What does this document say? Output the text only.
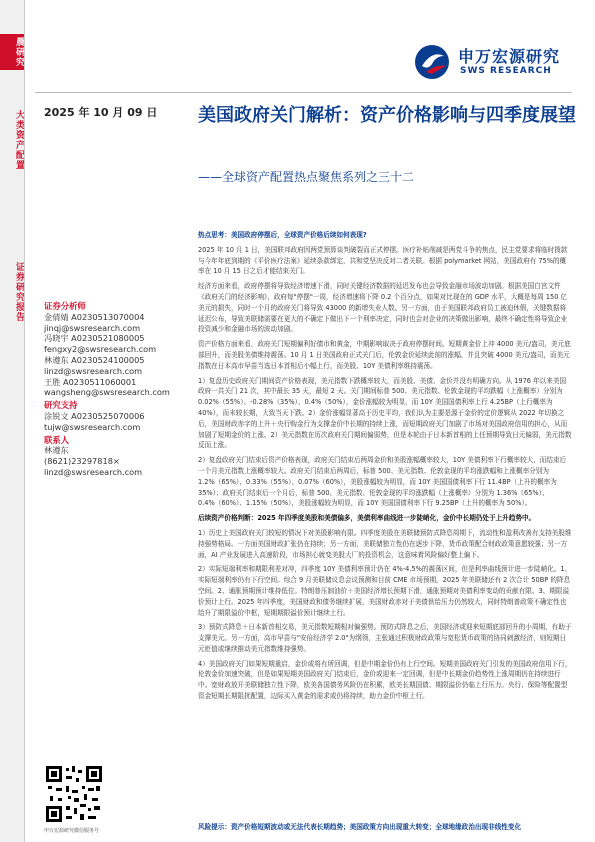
晨研究
大类资产配置
证券研究报告
申万宏源研究
SWS RESEARCH
2025 年 10 月 09 日 美国政府关门解析：资产价格影响与四季度展望
——全球资产配置热点聚焦系列之三十二
证券分析师
金倩婧 A0230513070004
jinqj@swsresearch.com
冯晓宇 A0230521080005
fengxy2@swsresearch.com
林遵东 A0230524100005
linzd@swsresearch.com
王胜 A0230511060001
wangsheng@swsresearch.com
研究支持
涂锐文 A0230525070006
tujw@swsresearch.com
联系人
林遵东
(8621)23297818×
linzd@swsresearch.com
申万宏源研究微信服务号

热点思考：美国政府停摆后，全球资产价格后续如何表现?

2025 年 10 月 1 日，美国联邦政府因两党预算谈判破裂而正式停摆。医疗补贴削减是两党斗争的焦点，民主党要求将临时拨款与今年年底到期的《平价医疗法案》延续条款绑定，共和党坚决反对二者关联。根据 polymarket 网站，美国政府有 75%的概率在 10 月 15 日之后才能结束关门。

经济方面来看，政府停摆将导致经济增速下滑，同时关键经济数据的延迟发布也会导致金融市场波动加剧。根据美国白宫文件《政府关门的经济影响》，政府每"停摆"一周，经济增速将下降 0.2 个百分点，如果对比现在的 GDP 水平，大概是每周 150 亿美元的损失，同时一个月的政府关门将导致 43000 的新增失业人数。另一方面，由于美国联邦政府员工被迫休假，关键数据将延迟公布，导致美联储需要在更大的不确定下做出下一个利率决定，同时也会对企业的决策做出影响，最终不确定性将导致企业投资减少和金融市场的波动加剧。

资产价格方面来看，政府关门短期偏利好债市和黄金，中期影响取决于政府停摆时间。短期黄金价上冲 4000 美元/盎司，美元底部回升，而美股美债维持震荡。10 月 1 日美国政府正式关门后，伦敦金价延续此前的涨幅，并且突破 4000 美元/盎司，而美元指数在日本高市早苗当选日本首相后小幅上行，而美股、10Y 美债利率维持震荡。

1）复盘历史政府关门期间资产价格表现，美元指数下跌概率较大，而美股、美债、金价并没有明确方向。从 1976 年以来美国政府一共关门 21 次，其中最长 35 天，最短 2 天。关门期间标普 500、美元指数、伦敦金现的平均跌幅（上涨概率）分别为 0.02%（55%）、-0.28%（35%）、0.4%（50%），金价涨幅较为明显，而 10Y 美国国债利率上行 4.25BP（上行概率为 40%），而未较长期，大致当天下跌。2）金价涨幅显著高于历史平均，我们认为主要是源于金价的定价逻辑从 2022 年切换之后，美国财政赤字的上升＋央行购金行为支撑金价中长期的持续上涨，而短期政府关门加剧了市场对美国政府信用的担心，从而加剧了短期金价的上涨。2）美元指数在历次政府关门期间偏弱势，但是本轮由于日本新首相的上任预期导致日元偏弱，美元指数反而上涨。

2）复盘政府关门结束后资产价格表现，政府关门结束后两周金价和美股涨幅概率较大，10Y 美债利率下行概率较大，而结束后一个月美元指数上涨概率较大。政府关门结束后两周后，标普 500、美元指数、伦敦金现的平均涨跌幅和上涨概率分别为 1.2%（65%）、0.33%（55%）、0.07%（60%），美股涨幅较为明显，而 10Y 美国国债利率下行 11.4BP（上升的概率为 35%）；政府关门结束后一个月后，标普 500、美元指数、伦敦金现的平均涨跌幅（上涨概率）分别为 1.36%（65%）、0.4%（60%）、1.15%（50%），美股涨幅较为明显，而 10Y 美国国债利率下行 9.25BP（上升的概率为 50%）。

后续资产价格判断：2025 年四季度美股和美债偏多，美债利率曲线进一步陡峭化，金价中长期仍处于上升趋势中。

1）历史上美国政府关门较短的情况下对美股影响有限。四季度美股在美联储预防式降息周期下，流动性和盈利改善有支持美股维持强势格局。一方面美国财政扩张仍在持续；另一方面，美联储独立性仍在逐步下降，货币政策配合财政政策意愿较强；另一方面，AI 产业发展进入高速阶段，市场担心就变美股大厂的投资机会，这意味着风险偏好整上偏下。

2）实际短端利率和期限利差对冲，四季度 10Y 美债利率预计仍在 4%-4.5%的震荡区间，但是利率曲线预计进一步陡峭化。1、实际短端利率仍有下行空间。综合 9 月美联储议息会议预测和目前 CME 市场预期，2025 年美联储还有 2 次合计 50BP 的降息空间。2、通胀预期预计维持低位。特朗普压制油价＋美国经济增长预期下滑，通胀预期对美债利率变动的贡献有限。3、期限溢价预计上行。2025 年四季度，美国财政和债务继续扩展，美国财政赤对于美债供给压力仍然较大，同时特朗普政策不确定性也给升了期限溢价中枢，短期期限溢价预计继续上行。

3）预防式降息＋日本新首相交易，美元指数短期相对偏强势。预防式降息之后，美国经济或迎来短期底部回升的小周期，有助于支撑美元。另一方面，高市早苗与"安倍经济学 2.0"为纲领，主张通过积极财政政策与宽松货币政策的协同刺激经济，则短期日元贬值或继续推动美元指数维持强势。

4）美国政府关门如果短期重启，金价或将有所回调，但是中期金价仍有上行空间。短期美国政府关门引发的美国政府信用下行，伦敦金价加速突破，但是如果短期美国政府关门结束后，金价或迎来一定回调，但是中长期金价趋势性上涨周期仍在持续进行中。宽财政放开美联储独立性下降，欧美各国债务风险仍在积累，欧美长期国债、期限溢价仍临上行压力。央行、保险等配置型资金短期长期阻扰配置，边际买入黄金的需求或仍将持续，助力金价中枢上行。

风险提示：资产价格短期波动或无法代表长期趋势；美国政策方向出现重大转变；全球地缘政治出现非线性变化
